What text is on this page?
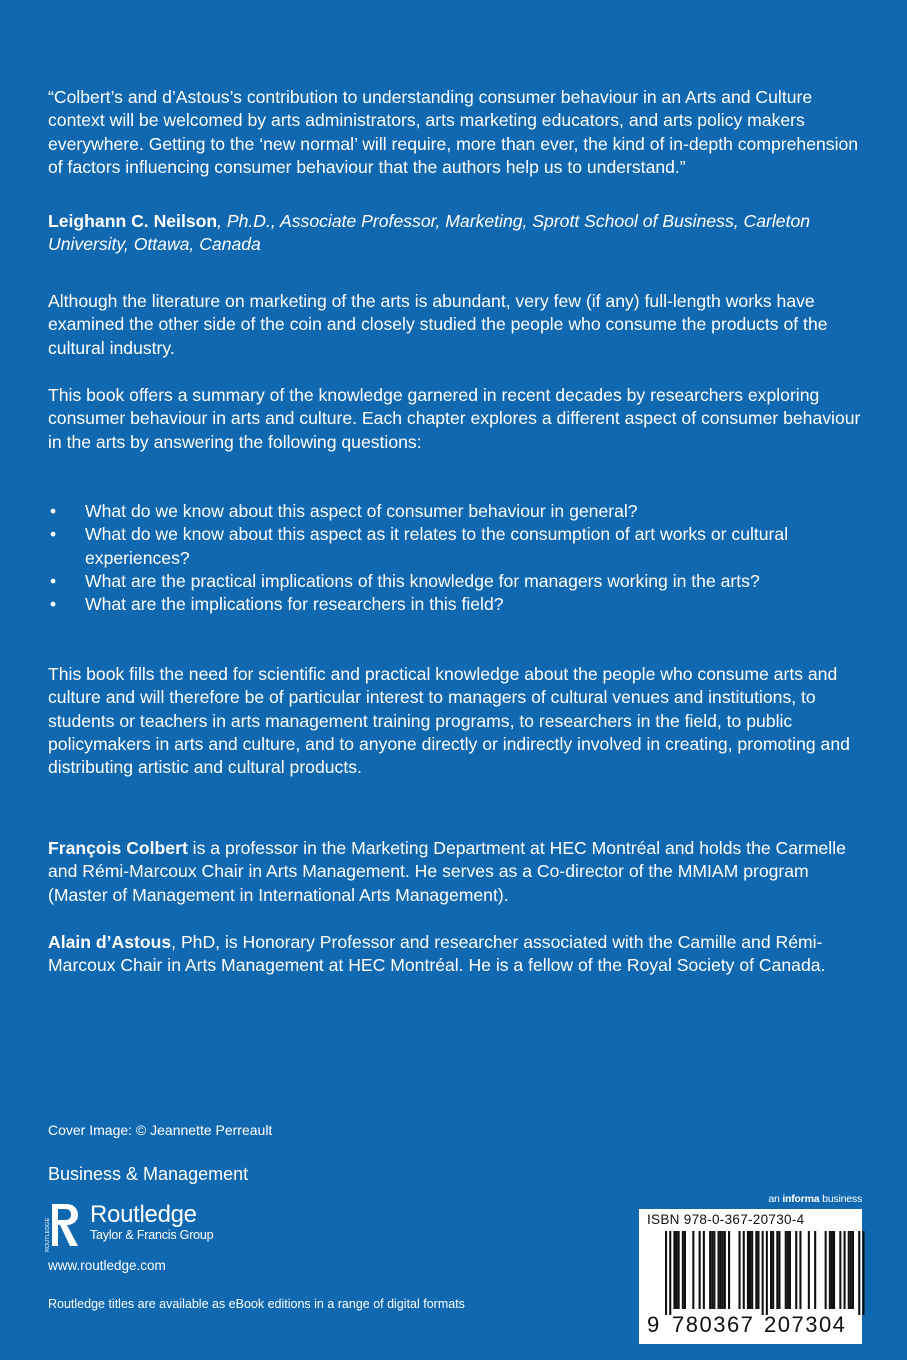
“Colbert’s and d’Astous’s contribution to understanding consumer behaviour in an Arts and Culture context will be welcomed by arts administrators, arts marketing educators, and arts policy makers everywhere. Getting to the ‘new normal’ will require, more than ever, the kind of in-depth comprehension of factors influencing consumer behaviour that the authors help us to understand.”
Leighann C. Neilson, Ph.D., Associate Professor, Marketing, Sprott School of Business, Carleton University, Ottawa, Canada
Although the literature on marketing of the arts is abundant, very few (if any) full-length works have examined the other side of the coin and closely studied the people who consume the products of the cultural industry.
This book offers a summary of the knowledge garnered in recent decades by researchers exploring consumer behaviour in arts and culture. Each chapter explores a different aspect of consumer behaviour in the arts by answering the following questions:
• What do we know about this aspect of consumer behaviour in general?
• What do we know about this aspect as it relates to the consumption of art works or cultural experiences?
• What are the practical implications of this knowledge for managers working in the arts?
• What are the implications for researchers in this field?
This book fills the need for scientific and practical knowledge about the people who consume arts and culture and will therefore be of particular interest to managers of cultural venues and institutions, to students or teachers in arts management training programs, to researchers in the field, to public policymakers in arts and culture, and to anyone directly or indirectly involved in creating, promoting and distributing artistic and cultural products.
François Colbert is a professor in the Marketing Department at HEC Montréal and holds the Carmelle and Rémi-Marcoux Chair in Arts Management. He serves as a Co-director of the MMIAM program (Master of Management in International Arts Management).
Alain d’Astous, PhD, is Honorary Professor and researcher associated with the Camille and Rémi-Marcoux Chair in Arts Management at HEC Montréal. He is a fellow of the Royal Society of Canada.
Cover Image: © Jeannette Perreault
Business & Management
ROUTLEDGE
Routledge
Taylor & Francis Group
www.routledge.com
Routledge titles are available as eBook editions in a range of digital formats
an informa business
ISBN 978-0-367-20730-4
9 780367 207304
